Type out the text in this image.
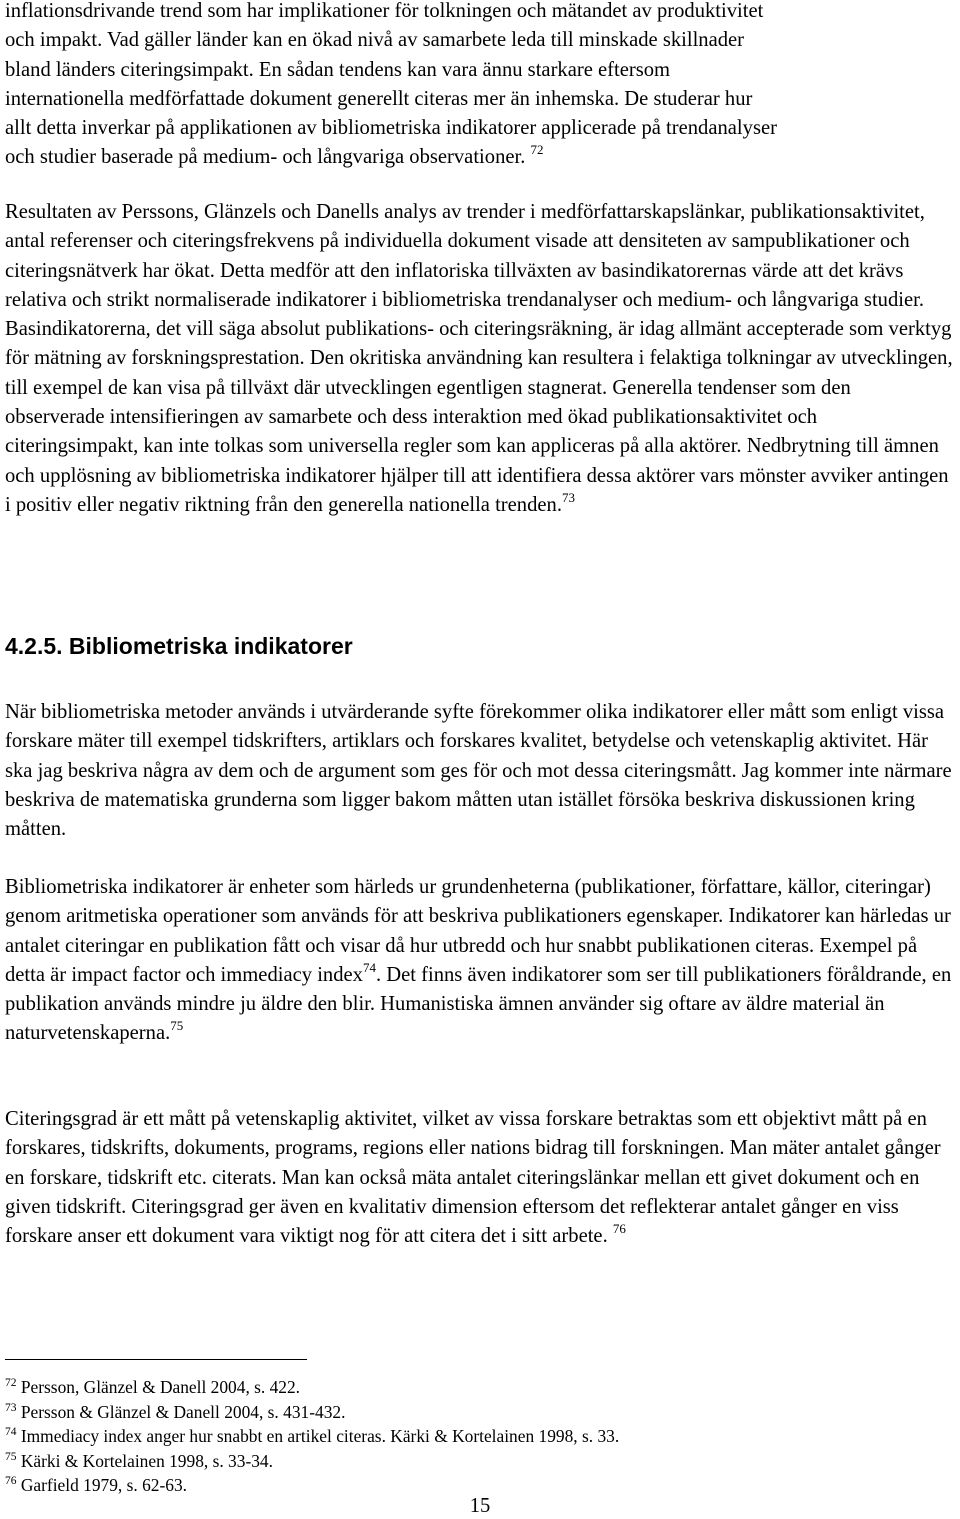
inflationsdrivande trend som har implikationer för tolkningen och mätandet av produktivitet
och impakt. Vad gäller länder kan en ökad nivå av samarbete leda till minskade skillnader
bland länders citeringsimpakt. En sådan tendens kan vara ännu starkare eftersom
internationella medförfattade dokument generellt citeras mer än inhemska. De studerar hur
allt detta inverkar på applikationen av bibliometriska indikatorer applicerade på trendanalyser
och studier baserade på medium- och långvariga observationer. $^{72}$

Resultaten av Perssons, Glänzels och Danells analys av trender i medförfattarskapslänkar, publikationsaktivitet, antal referenser och citeringsfrekvens på individuella dokument visade att densiteten av sampublikationer och citeringsnätverk har ökat. Detta medför att den inflatoriska tillväxten av basindikatorernas värde att det krävs relativa och strikt normaliserade indikatorer i bibliometriska trendanalyser och medium- och långvariga studier. Basindikatorerna, det vill säga absolut publikations- och citeringsräkning, är idag allmänt accepterade som verktyg för mätning av forskningsprestation. Den okritiska användning kan resultera i felaktiga tolkningar av utvecklingen, till exempel de kan visa på tillväxt där utvecklingen egentligen stagnerat. Generella tendenser som den observerade intensifieringen av samarbete och dess interaktion med ökad publikationsaktivitet och citeringsimpakt, kan inte tolkas som universella regler som kan appliceras på alla aktörer. Nedbrytning till ämnen och upplösning av bibliometriska indikatorer hjälper till att identifiera dessa aktörer vars mönster avviker antingen i positiv eller negativ riktning från den generella nationella trenden.$^{73}$

4.2.5. Bibliometriska indikatorer

När bibliometriska metoder används i utvärderande syfte förekommer olika indikatorer eller mått som enligt vissa forskare mäter till exempel tidskrifters, artiklars och forskares kvalitet, betydelse och vetenskaplig aktivitet. Här ska jag beskriva några av dem och de argument som ges för och mot dessa citeringsmått. Jag kommer inte närmare beskriva de matematiska grunderna som ligger bakom måtten utan istället försöka beskriva diskussionen kring måtten.

Bibliometriska indikatorer är enheter som härleds ur grundenheterna (publikationer, författare, källor, citeringar) genom aritmetiska operationer som används för att beskriva publikationers egenskaper. Indikatorer kan härledas ur antalet citeringar en publikation fått och visar då hur utbredd och hur snabbt publikationen citeras. Exempel på detta är impact factor och immediacy index$^{74}$. Det finns även indikatorer som ser till publikationers föråldrande, en publikation används mindre ju äldre den blir. Humanistiska ämnen använder sig oftare av äldre material än naturvetenskaperna.$^{75}$

Citeringsgrad är ett mått på vetenskaplig aktivitet, vilket av vissa forskare betraktas som ett objektivt mått på en forskares, tidskrifts, dokuments, programs, regions eller nations bidrag till forskningen. Man mäter antalet gånger en forskare, tidskrift etc. citerats. Man kan också mäta antalet citeringslänkar mellan ett givet dokument och en given tidskrift. Citeringsgrad ger även en kvalitativ dimension eftersom det reflekterar antalet gånger en viss forskare anser ett dokument vara viktigt nog för att citera det i sitt arbete. $^{76}$

$^{72}$ Persson, Glänzel & Danell 2004, s. 422.
$^{73}$ Persson & Glänzel & Danell 2004, s. 431-432.
$^{74}$ Immediacy index anger hur snabbt en artikel citeras. Kärki & Kortelainen 1998, s. 33.
$^{75}$ Kärki & Kortelainen 1998, s. 33-34.
$^{76}$ Garfield 1979, s. 62-63.

15
